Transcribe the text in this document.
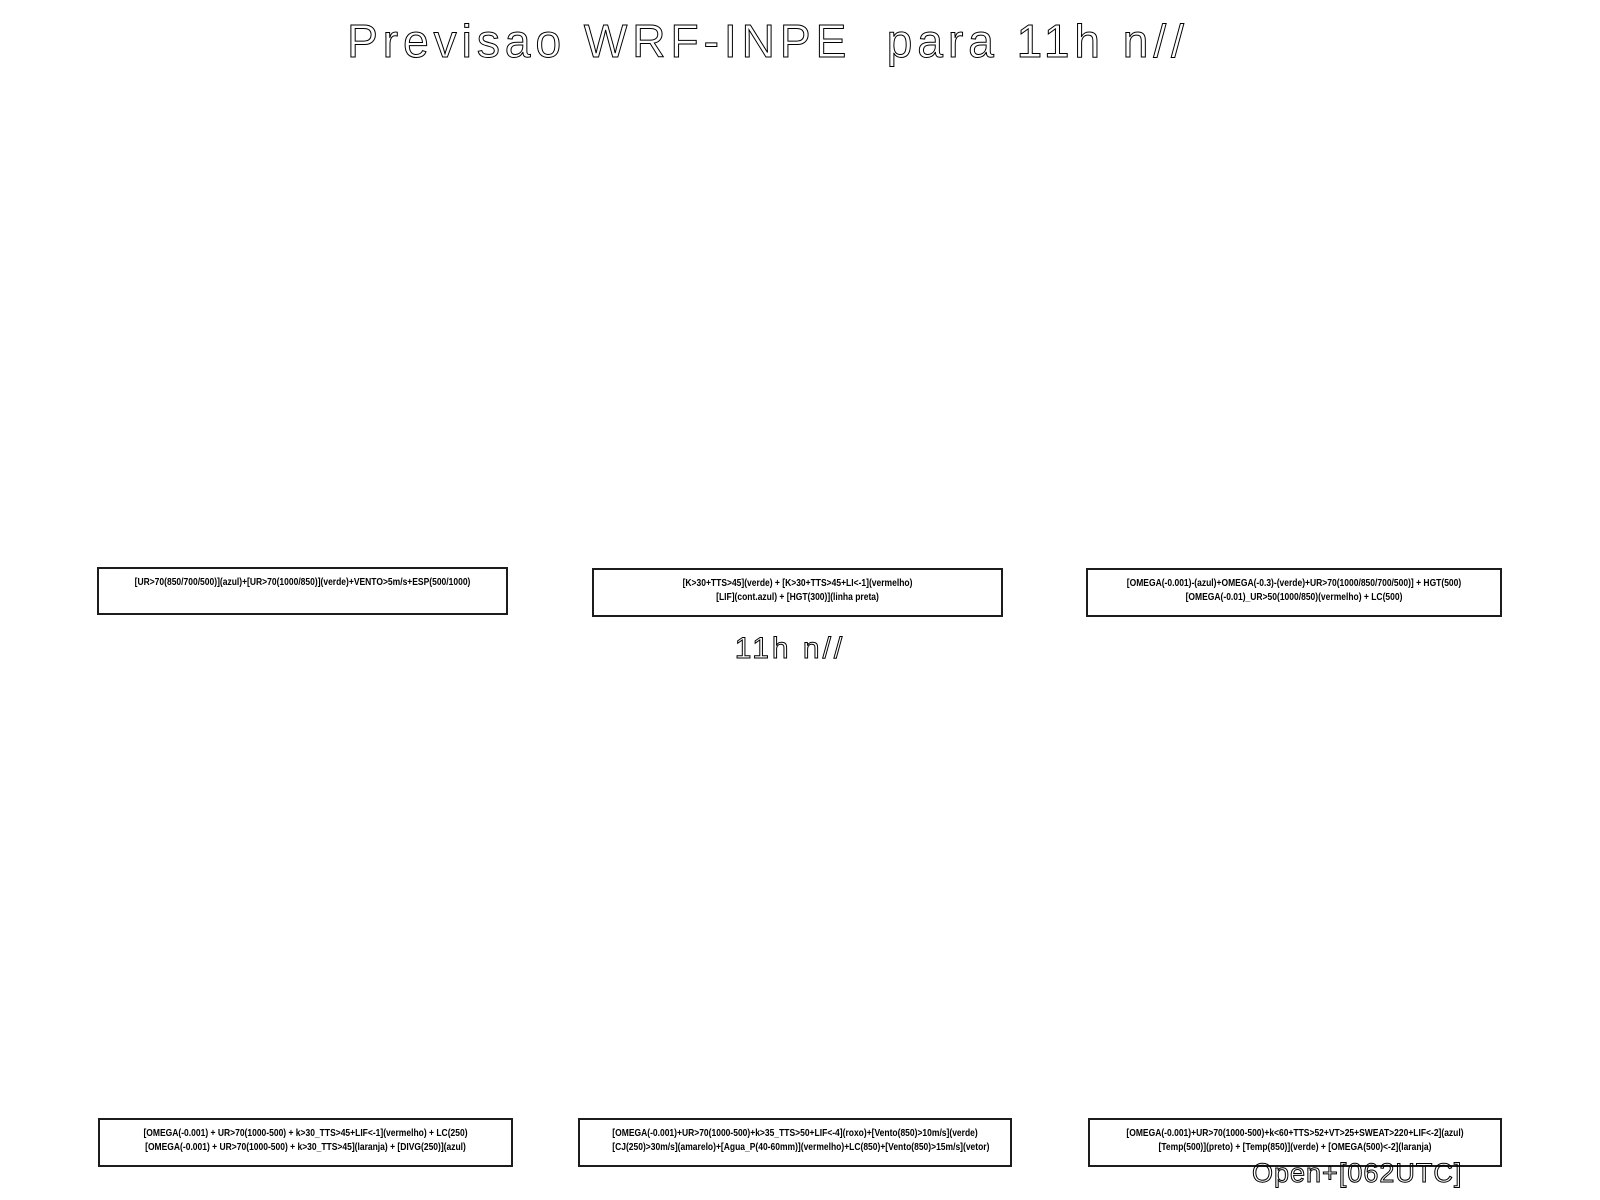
Previsao WRF-INPE  para 11h n//
[UR>70(850/700/500)](azul)+[UR>70(1000/850)](verde)+VENTO>5m/s+ESP(500/1000)	[K>30+TTS>45](verde) + [K>30+TTS>45+LI<-1](vermelho)
[LIF](cont.azul) + [HGT(300)](linha preta)
[OMEGA(-0.001)-(azul)+OMEGA(-0.3)-(verde)+UR>70(1000/850/700/500)] + HGT(500)
[OMEGA(-0.01)_UR>50(1000/850)(vermelho) + LC(500)
11h n//
[OMEGA(-0.001) + UR>70(1000-500) + k>30_TTS>45+LIF<-1](vermelho) + LC(250)
[OMEGA(-0.001) + UR>70(1000-500) + k>30_TTS>45](laranja) + [DIVG(250)](azul)
[OMEGA(-0.001)+UR>70(1000-500)+k>35_TTS>50+LIF<-4](roxo)+[Vento(850)>10m/s](verde)
[CJ(250)>30m/s](amarelo)+[Agua_P(40-60mm)](vermelho)+LC(850)+[Vento(850)>15m/s](vetor)
[OMEGA(-0.001)+UR>70(1000-500)+k<60+TTS>52+VT>25+SWEAT>220+LIF<-2](azul)
[Temp(500)](preto) + [Temp(850)](verde) + [OMEGA(500)<-2](laranja)
Open+[062UTC]
